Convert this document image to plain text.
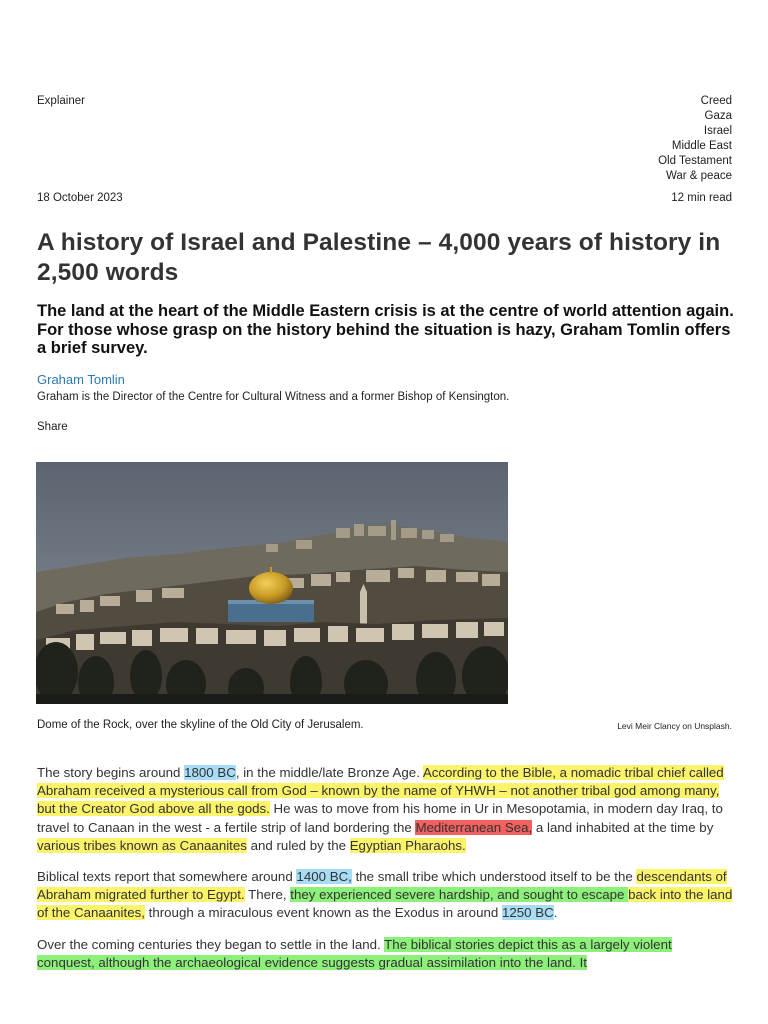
Explainer	Creed
Gaza
Israel
Middle East
Old Testament
War & peace
18 October 2023	12 min read
A history of Israel and Palestine – 4,000 years of history in 2,500 words

The land at the heart of the Middle Eastern crisis is at the centre of world attention again. For those whose grasp on the history behind the situation is hazy, Graham Tomlin offers a brief survey.

Graham Tomlin
Graham is the Director of the Centre for Cultural Witness and a former Bishop of Kensington.
Share
Dome of the Rock, over the skyline of the Old City of Jerusalem.	Levi Meir Clancy on Unsplash.

The story begins around 1800 BC, in the middle/late Bronze Age. According to the Bible, a nomadic tribal chief called Abraham received a mysterious call from God – known by the name of YHWH – not another tribal god among many, but the Creator God above all the gods. He was to move from his home in Ur in Mesopotamia, in modern day Iraq, to travel to Canaan in the west - a fertile strip of land bordering the Mediterranean Sea, a land inhabited at the time by various tribes known as Canaanites and ruled by the Egyptian Pharaohs.

Biblical texts report that somewhere around 1400 BC, the small tribe which understood itself to be the descendants of Abraham migrated further to Egypt. There, they experienced severe hardship, and sought to escape back into the land of the Canaanites, through a miraculous event known as the Exodus in around 1250 BC.

Over the coming centuries they began to settle in the land. The biblical stories depict this as a largely violent conquest, although the archaeological evidence suggests gradual assimilation into the land. It
